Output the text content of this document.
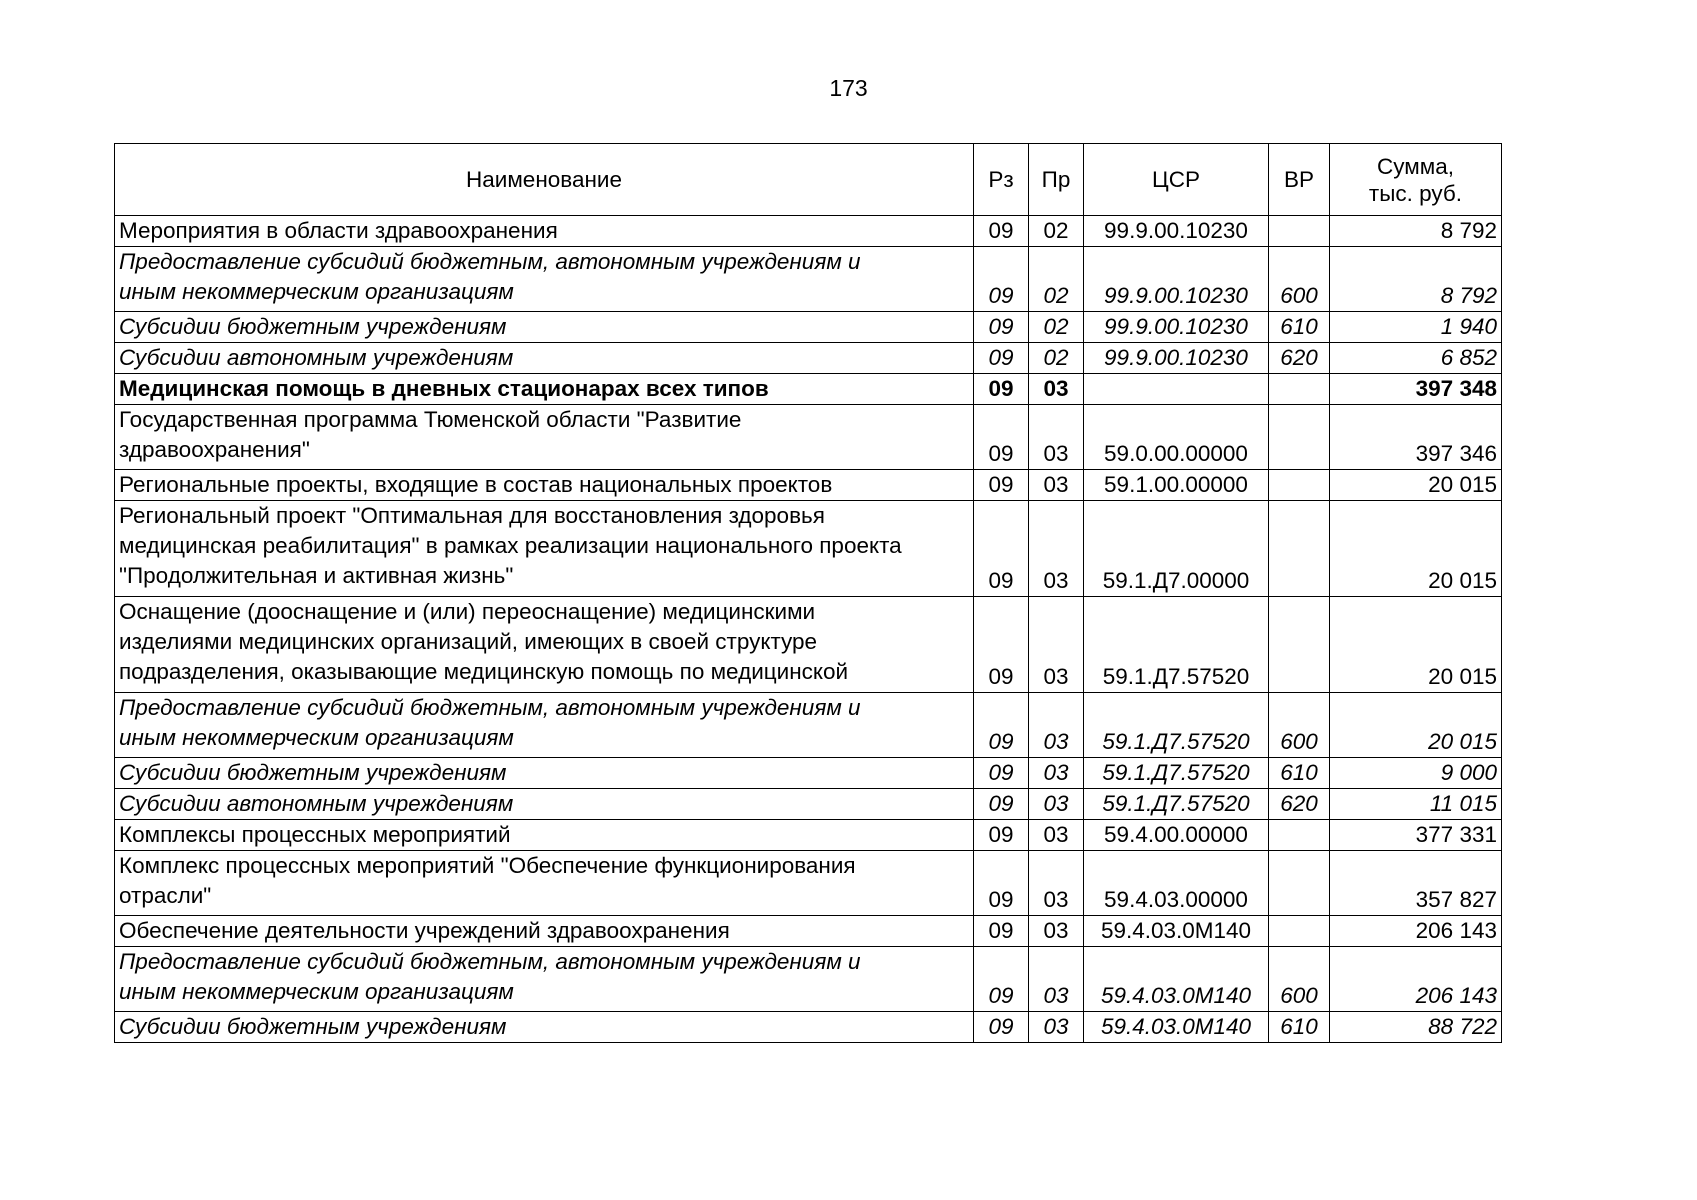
173
Наименование	Рз	Пр	ЦСР	ВР	Сумма,
тыс. руб.
Мероприятия в области здравоохранения	09	02	99.9.00.10230		8 792
Предоставление субсидий бюджетным, автономным учреждениям и
иным некоммерческим организациям	09	02	99.9.00.10230	600	8 792
Субсидии бюджетным учреждениям	09	02	99.9.00.10230	610	1 940
Субсидии автономным учреждениям	09	02	99.9.00.10230	620	6 852
Медицинская помощь в дневных стационарах всех типов	09	03			397 348
Государственная программа Тюменской области "Развитие
здравоохранения"	09	03	59.0.00.00000		397 346
Региональные проекты, входящие в состав национальных проектов	09	03	59.1.00.00000		20 015
Региональный проект "Оптимальная для восстановления здоровья
медицинская реабилитация" в рамках реализации национального проекта
"Продолжительная и активная жизнь"	09	03	59.1.Д7.00000		20 015
Оснащение (дооснащение и (или) переоснащение) медицинскими
изделиями медицинских организаций, имеющих в своей структуре
подразделения, оказывающие медицинскую помощь по медицинской	09	03	59.1.Д7.57520		20 015
Предоставление субсидий бюджетным, автономным учреждениям и
иным некоммерческим организациям	09	03	59.1.Д7.57520	600	20 015
Субсидии бюджетным учреждениям	09	03	59.1.Д7.57520	610	9 000
Субсидии автономным учреждениям	09	03	59.1.Д7.57520	620	11 015
Комплексы процессных мероприятий	09	03	59.4.00.00000		377 331
Комплекс процессных мероприятий "Обеспечение функционирования
отрасли"	09	03	59.4.03.00000		357 827
Обеспечение деятельности учреждений здравоохранения	09	03	59.4.03.0М140		206 143
Предоставление субсидий бюджетным, автономным учреждениям и
иным некоммерческим организациям	09	03	59.4.03.0М140	600	206 143
Субсидии бюджетным учреждениям	09	03	59.4.03.0М140	610	88 722
